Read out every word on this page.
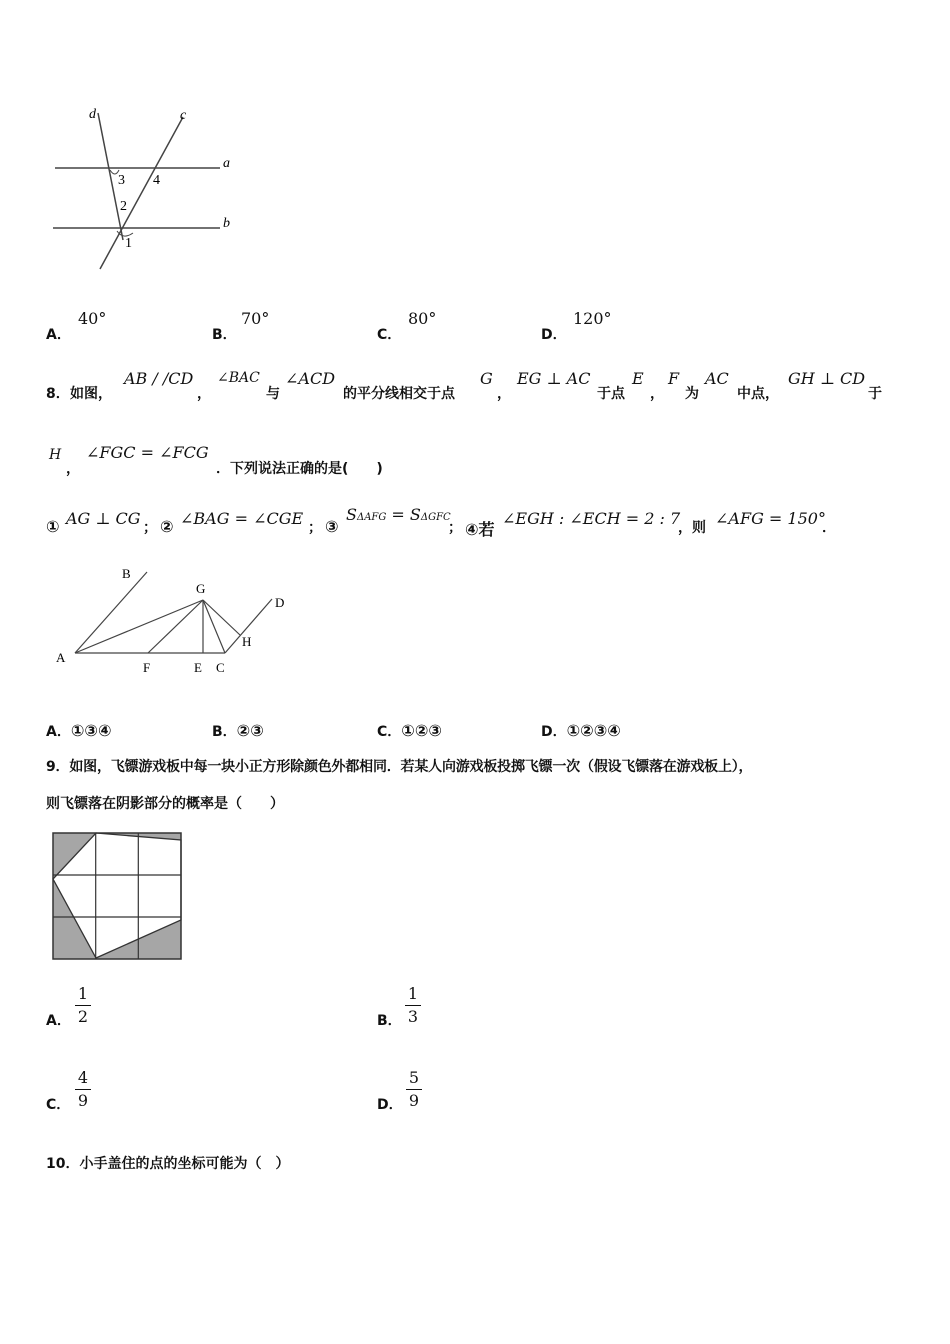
d	c
a
b
3 4
2
1
A．
40°
B．
70°
C．
80°
D．
120°
8． 如图，
AB / /CD
，
∠BAC
与
∠ACD
的平分线相交于点
G
，
EG ⊥ AC
于点
E
，
F
为
AC
中点，
GH ⊥ CD
于
H
，
∠FGC = ∠FCG
．下列说法正确的是(　　)
① AG ⊥ CG ； ② ∠BAG = ∠CGE ； ③
SΔAFG = SΔGFC
； ④若
∠EGH : ∠ECH = 2 : 7
，则 ∠AFG = 150°
．
B
G
D
H
A
F	E C
A．①③④	B．②③	C．①②③	D．①②③④
9．如图，飞镖游戏板中每一块小正方形除颜色外都相同．若某人向游戏板投掷飞镖一次（假设飞镖落在游戏板上），
则飞镖落在阴影部分的概率是（　　）
A．
1
2	B．
1
3
C．
4
9	D．
5
9
10．小手盖住的点的坐标可能为（　）
